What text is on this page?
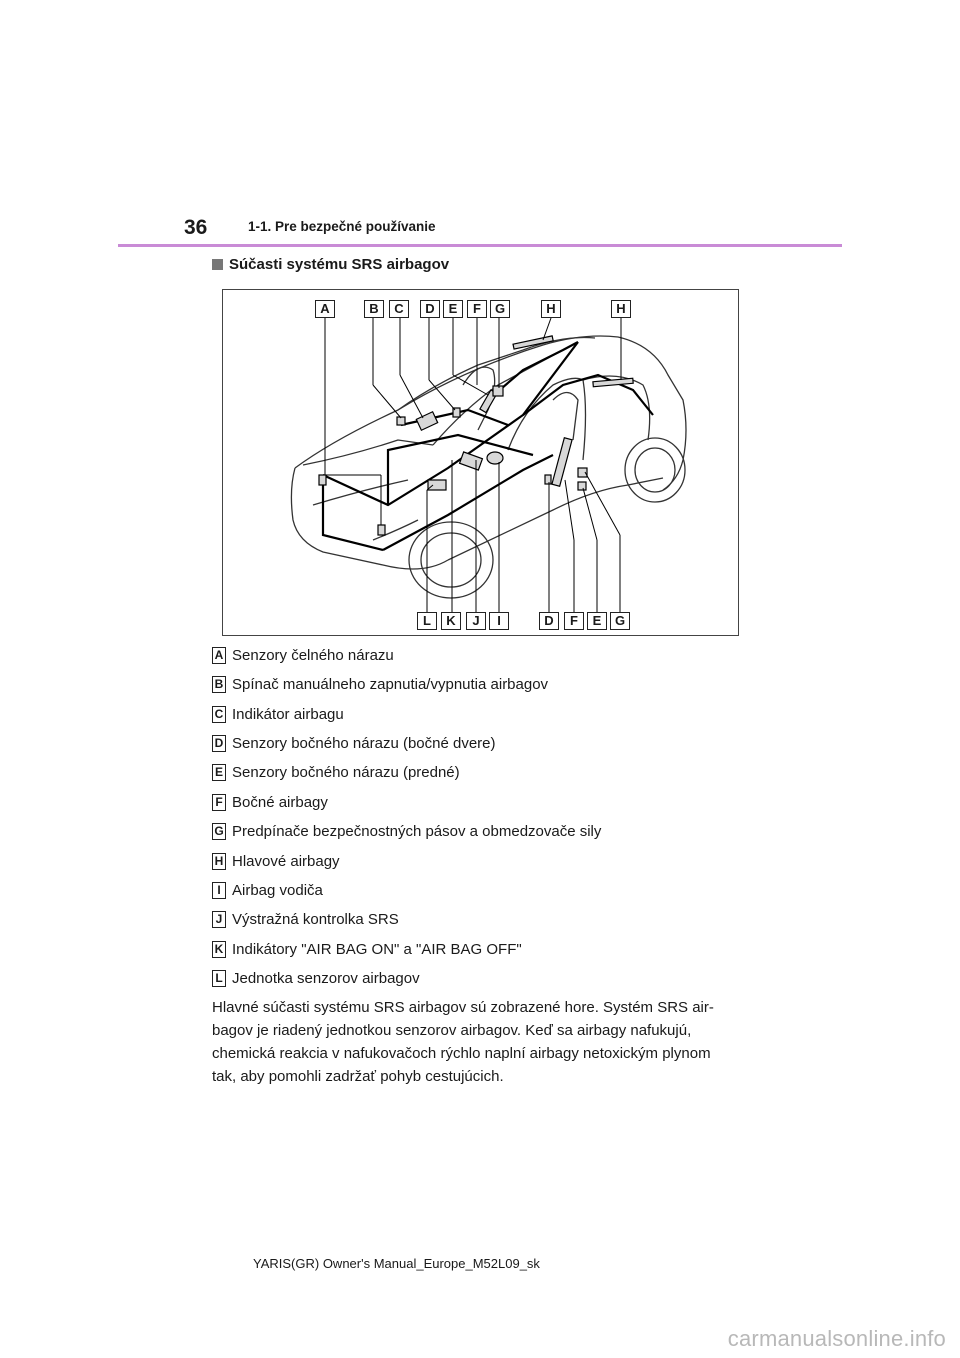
36	1-1. Pre bezpečné používanie
Súčasti systému SRS airbagov
A	B	C	D	E	F	G	H	H
L	K	J	I	D	F	E	G
A Senzory čelného nárazu
B Spínač manuálneho zapnutia/vypnutia airbagov
C Indikátor airbagu
D Senzory bočného nárazu (bočné dvere)
E Senzory bočného nárazu (predné)
F Bočné airbagy
G Predpínače bezpečnostných pásov a obmedzovače sily
H Hlavové airbagy
I Airbag vodiča
J Výstražná kontrolka SRS
K Indikátory "AIR BAG ON" a "AIR BAG OFF"
L Jednotka senzorov airbagov
Hlavné súčasti systému SRS airbagov sú zobrazené hore. Systém SRS air-
bagov je riadený jednotkou senzorov airbagov. Keď sa airbagy nafukujú,
chemická reakcia v nafukovačoch rýchlo naplní airbagy netoxickým plynom
tak, aby pomohli zadržať pohyb cestujúcich.
YARIS(GR) Owner's Manual_Europe_M52L09_sk
carmanualsonline.info
